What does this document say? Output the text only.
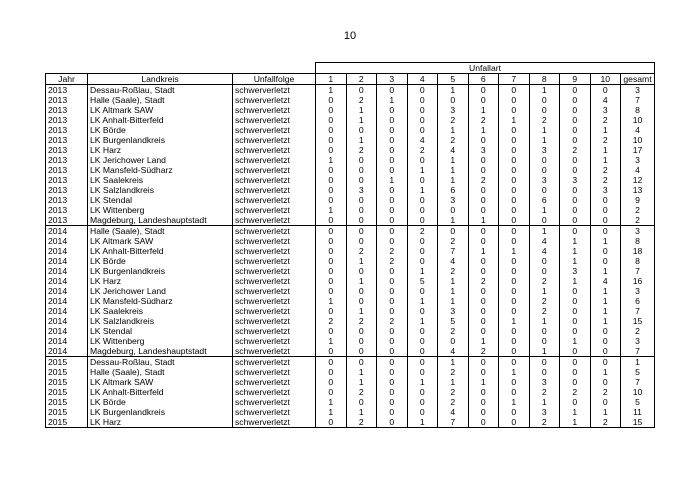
10
			Unfallart										
Jahr	Landkreis	Unfallfolge	1	2	3	4	5	6	7	8	9	10	gesamt
2013	Dessau-Roßlau, Stadt	schwerverletzt	1	0	0	0	1	0	0	1	0	0	3
2013	Halle (Saale), Stadt	schwerverletzt	0	2	1	0	0	0	0	0	0	4	7
2013	LK Altmark SAW	schwerverletzt	0	1	0	0	3	1	0	0	0	3	8
2013	LK Anhalt-Bitterfeld	schwerverletzt	0	1	0	0	2	2	1	2	0	2	10
2013	LK Börde	schwerverletzt	0	0	0	0	1	1	0	1	0	1	4
2013	LK Burgenlandkreis	schwerverletzt	0	1	0	4	2	0	0	1	0	2	10
2013	LK Harz	schwerverletzt	0	2	0	2	4	3	0	3	2	1	17
2013	LK Jerichower Land	schwerverletzt	1	0	0	0	1	0	0	0	0	1	3
2013	LK Mansfeld-Südharz	schwerverletzt	0	0	0	1	1	0	0	0	0	2	4
2013	LK Saalekreis	schwerverletzt	0	0	1	0	1	2	0	3	3	2	12
2013	LK Salzlandkreis	schwerverletzt	0	3	0	1	6	0	0	0	0	3	13
2013	LK Stendal	schwerverletzt	0	0	0	0	3	0	0	6	0	0	9
2013	LK Wittenberg	schwerverletzt	1	0	0	0	0	0	0	1	0	0	2
2013	Magdeburg, Landeshauptstadt	schwerverletzt	0	0	0	0	1	1	0	0	0	0	2
2014	Halle (Saale), Stadt	schwerverletzt	0	0	0	2	0	0	0	1	0	0	3
2014	LK Altmark SAW	schwerverletzt	0	0	0	0	2	0	0	4	1	1	8
2014	LK Anhalt-Bitterfeld	schwerverletzt	0	2	2	0	7	1	1	4	1	0	18
2014	LK Börde	schwerverletzt	0	1	2	0	4	0	0	0	1	0	8
2014	LK Burgenlandkreis	schwerverletzt	0	0	0	1	2	0	0	0	3	1	7
2014	LK Harz	schwerverletzt	0	1	0	5	1	2	0	2	1	4	16
2014	LK Jerichower Land	schwerverletzt	0	0	0	0	1	0	0	1	0	1	3
2014	LK Mansfeld-Südharz	schwerverletzt	1	0	0	1	1	0	0	2	0	1	6
2014	LK Saalekreis	schwerverletzt	0	1	0	0	3	0	0	2	0	1	7
2014	LK Salzlandkreis	schwerverletzt	2	2	2	1	5	0	1	1	0	1	15
2014	LK Stendal	schwerverletzt	0	0	0	0	2	0	0	0	0	0	2
2014	LK Wittenberg	schwerverletzt	1	0	0	0	0	1	0	0	1	0	3
2014	Magdeburg, Landeshauptstadt	schwerverletzt	0	0	0	0	4	2	0	1	0	0	7
2015	Dessau-Roßlau, Stadt	schwerverletzt	0	0	0	0	1	0	0	0	0	0	1
2015	Halle (Saale), Stadt	schwerverletzt	0	1	0	0	2	0	1	0	0	1	5
2015	LK Altmark SAW	schwerverletzt	0	1	0	1	1	1	0	3	0	0	7
2015	LK Anhalt-Bitterfeld	schwerverletzt	0	2	0	0	2	0	0	2	2	2	10
2015	LK Börde	schwerverletzt	1	0	0	0	2	0	1	1	0	0	5
2015	LK Burgenlandkreis	schwerverletzt	1	1	0	0	4	0	0	3	1	1	11
2015	LK Harz	schwerverletzt	0	2	0	1	7	0	0	2	1	2	15
